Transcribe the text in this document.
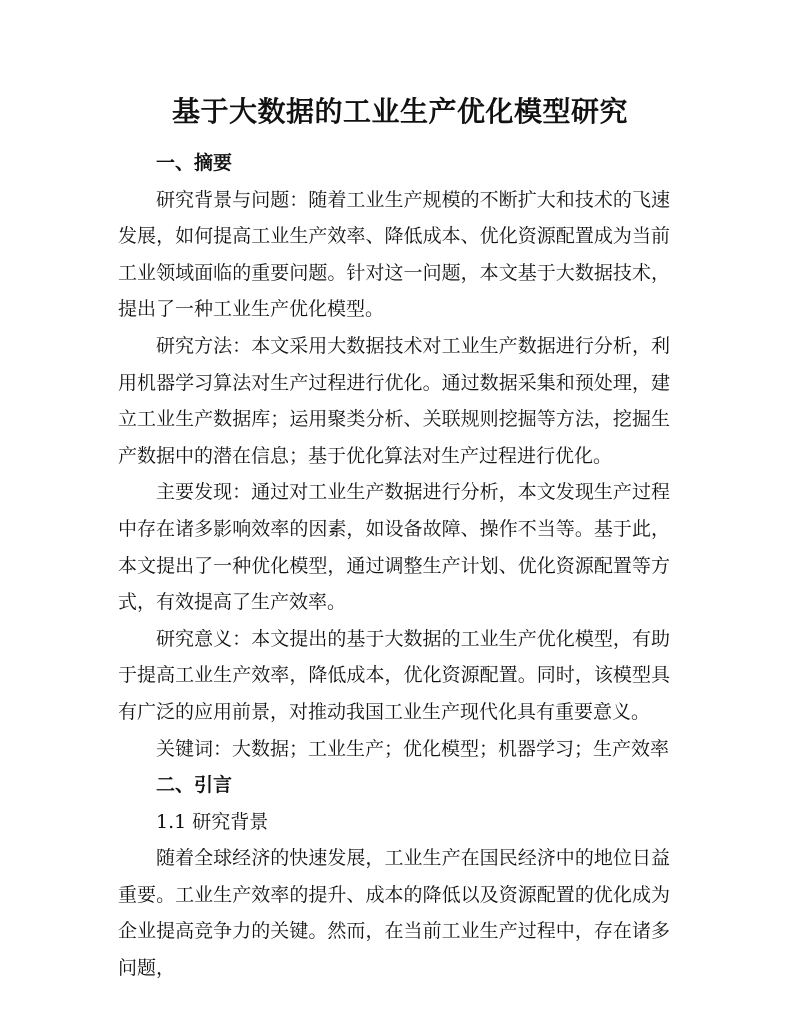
基于大数据的工业生产优化模型研究

一、摘要

研究背景与问题：随着工业生产规模的不断扩大和技术的飞速发展，如何提高工业生产效率、降低成本、优化资源配置成为当前工业领域面临的重要问题。针对这一问题，本文基于大数据技术，提出了一种工业生产优化模型。

研究方法：本文采用大数据技术对工业生产数据进行分析，利用机器学习算法对生产过程进行优化。通过数据采集和预处理，建立工业生产数据库；运用聚类分析、关联规则挖掘等方法，挖掘生产数据中的潜在信息；基于优化算法对生产过程进行优化。

主要发现：通过对工业生产数据进行分析，本文发现生产过程中存在诸多影响效率的因素，如设备故障、操作不当等。基于此，本文提出了一种优化模型，通过调整生产计划、优化资源配置等方式，有效提高了生产效率。

研究意义：本文提出的基于大数据的工业生产优化模型，有助于提高工业生产效率，降低成本，优化资源配置。同时，该模型具有广泛的应用前景，对推动我国工业生产现代化具有重要意义。

关键词：大数据；工业生产；优化模型；机器学习；生产效率

二、引言

1.1 研究背景

随着全球经济的快速发展，工业生产在国民经济中的地位日益重要。工业生产效率的提升、成本的降低以及资源配置的优化成为企业提高竞争力的关键。然而，在当前工业生产过程中，存在诸多问题，
